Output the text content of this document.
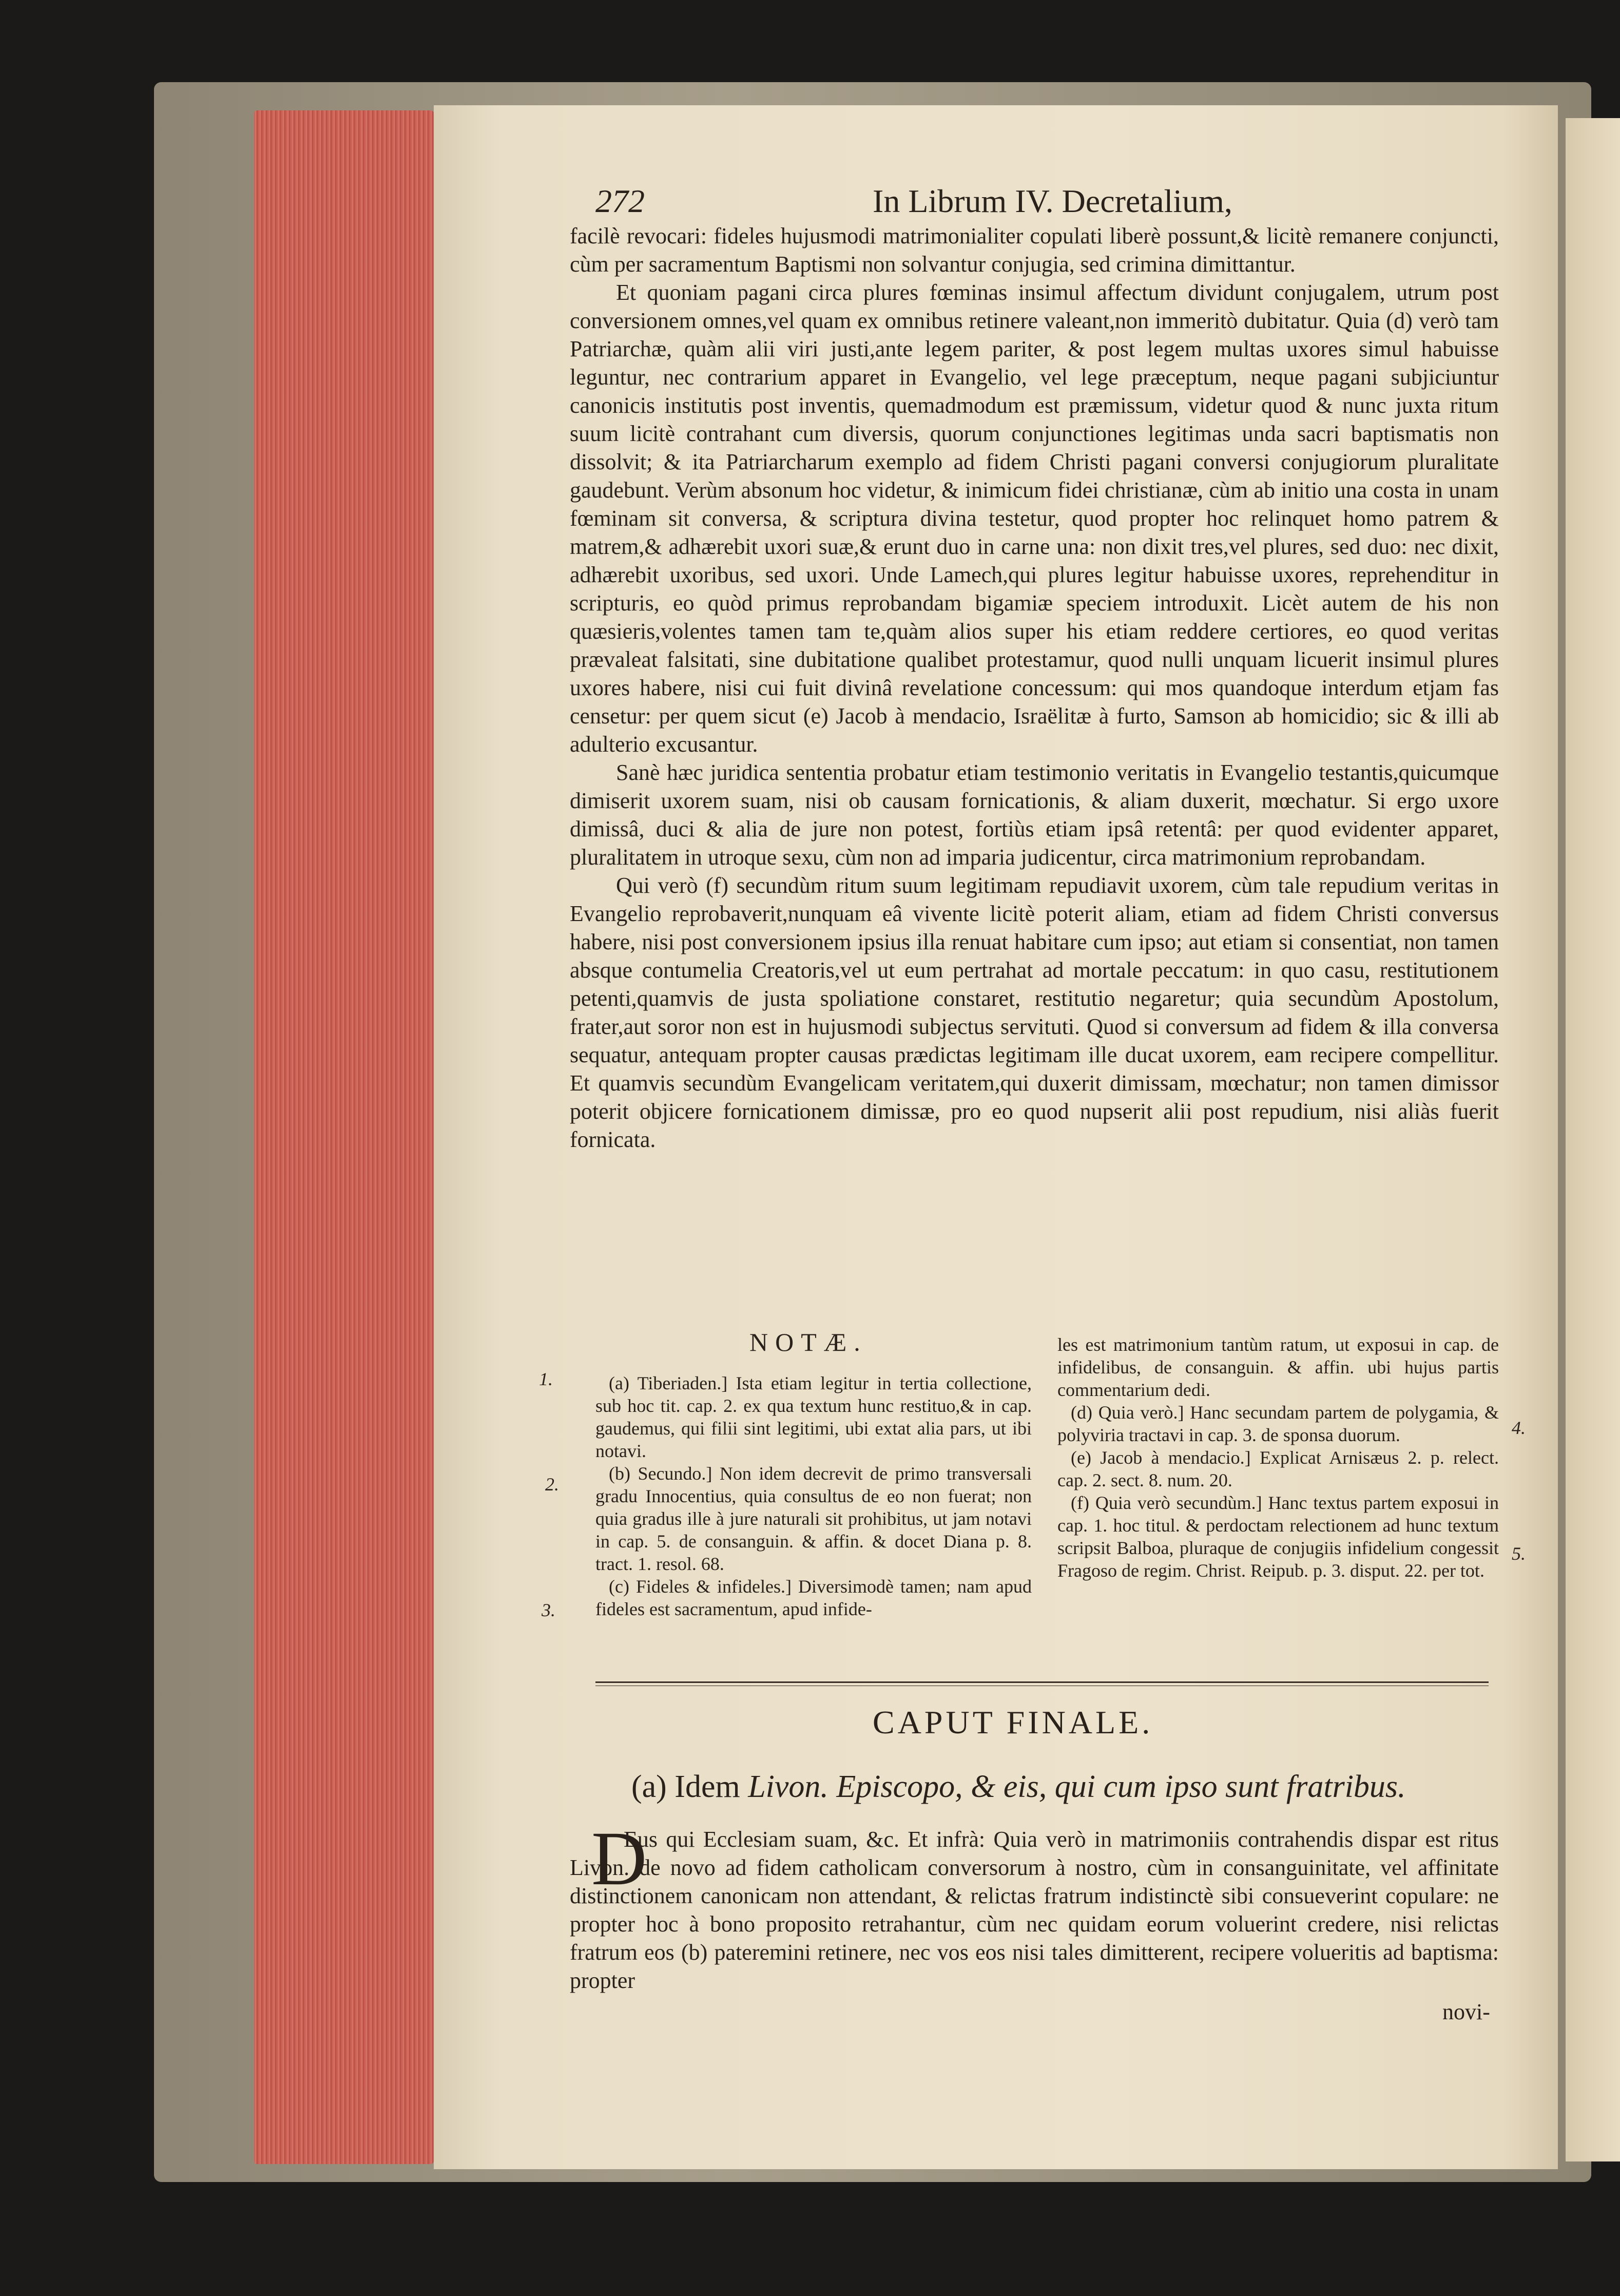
272	In Librum IV. Decretalium,

facilè revocari: fideles hujusmodi matrimonialiter copulati liberè possunt,& licitè remanere conjuncti, cùm per sacramentum Baptismi non solvantur conjugia, sed crimina dimittantur.

Et quoniam pagani circa plures fœminas insimul affectum dividunt conjugalem, utrum post conversionem omnes,vel quam ex omnibus retinere valeant,non immeritò dubitatur. Quia (d) verò tam Patriarchæ, quàm alii viri justi,ante legem pariter, & post legem multas uxores simul habuisse leguntur, nec contrarium apparet in Evangelio, vel lege præceptum, neque pagani subjiciuntur canonicis institutis post inventis, quemadmodum est præmissum, videtur quod & nunc juxta ritum suum licitè contrahant cum diversis, quorum conjunctiones legitimas unda sacri baptismatis non dissolvit; & ita Patriarcharum exemplo ad fidem Christi pagani conversi conjugiorum pluralitate gaudebunt. Verùm absonum hoc videtur, & inimicum fidei christianæ, cùm ab initio una costa in unam fœminam sit conversa, & scriptura divina testetur, quod propter hoc relinquet homo patrem & matrem,& adhærebit uxori suæ,& erunt duo in carne una: non dixit tres,vel plures, sed duo: nec dixit, adhærebit uxoribus, sed uxori. Unde Lamech,qui plures legitur habuisse uxores, reprehenditur in scripturis, eo quòd primus reprobandam bigamiæ speciem introduxit. Licèt autem de his non quæsieris,volentes tamen tam te,quàm alios super his etiam reddere certiores, eo quod veritas prævaleat falsitati, sine dubitatione qualibet protestamur, quod nulli unquam licuerit insimul plures uxores habere, nisi cui fuit divinâ revelatione concessum: qui mos quandoque interdum etjam fas censetur: per quem sicut (e) Jacob à mendacio, Israëlitæ à furto, Samson ab homicidio; sic & illi ab adulterio excusantur.

Sanè hæc juridica sententia probatur etiam testimonio veritatis in Evangelio testantis,quicumque dimiserit uxorem suam, nisi ob causam fornicationis, & aliam duxerit, mœchatur. Si ergo uxore dimissâ, duci & alia de jure non potest, fortiùs etiam ipsâ retentâ: per quod evidenter apparet, pluralitatem in utroque sexu, cùm non ad imparia judicentur, circa matrimonium reprobandam.

Qui verò (f) secundùm ritum suum legitimam repudiavit uxorem, cùm tale repudium veritas in Evangelio reprobaverit,nunquam eâ vivente licitè poterit aliam, etiam ad fidem Christi conversus habere, nisi post conversionem ipsius illa renuat habitare cum ipso; aut etiam si consentiat, non tamen absque contumelia Creatoris,vel ut eum pertrahat ad mortale peccatum: in quo casu, restitutionem petenti,quamvis de justa spoliatione constaret, restitutio negaretur; quia secundùm Apostolum, frater,aut soror non est in hujusmodi subjectus servituti. Quod si conversum ad fidem & illa conversa sequatur, antequam propter causas prædictas legitimam ille ducat uxorem, eam recipere compellitur. Et quamvis secundùm Evangelicam veritatem,qui duxerit dimissam, mœchatur; non tamen dimissor poterit objicere fornicationem dimissæ, pro eo quod nupserit alii post repudium, nisi aliàs fuerit fornicata.

NOTÆ.
1.
2.
3.
4.
5.

(a) Tiberiaden.] Ista etiam legitur in tertia collectione, sub hoc tit. cap. 2. ex qua textum hunc restituo,& in cap. gaudemus, qui filii sint legitimi, ubi extat alia pars, ut ibi notavi.

(b) Secundo.] Non idem decrevit de primo transversali gradu Innocentius, quia consultus de eo non fuerat; non quia gradus ille à jure naturali sit prohibitus, ut jam notavi in cap. 5. de consanguin. & affin. & docet Diana p. 8. tract. 1. resol. 68.

(c) Fideles & infideles.] Diversimodè tamen; nam apud fideles est sacramentum, apud infide-

les est matrimonium tantùm ratum, ut exposui in cap. de infidelibus, de consanguin. & affin. ubi hujus partis commentarium dedi.

(d) Quia verò.] Hanc secundam partem de polygamia, & polyviria tractavi in cap. 3. de sponsa duorum.

(e) Jacob à mendacio.] Explicat Arnisæus 2. p. relect. cap. 2. sect. 8. num. 20.

(f) Quia verò secundùm.] Hanc textus partem exposui in cap. 1. hoc titul. & perdoctam relectionem ad hunc textum scripsit Balboa, pluraque de conjugiis infidelium congessit Fragoso de regim. Christ. Reipub. p. 3. disput. 22. per tot.

CAPUT FINALE.
(a) Idem Livon. Episcopo, & eis, qui cum ipso sunt fratribus.
D

Eus qui Ecclesiam suam, &c. Et infrà: Quia verò in matrimoniis contrahendis dispar est ritus Livon. de novo ad fidem catholicam conversorum à nostro, cùm in consanguinitate, vel affinitate distinctionem canonicam non attendant, & relictas fratrum indistinctè sibi consueverint copulare: ne propter hoc à bono proposito retrahantur, cùm nec quidam eorum voluerint credere, nisi relictas fratrum eos (b) pateremini retinere, nec vos eos nisi tales dimitterent, recipere volueritis ad baptisma: propter

novi-
